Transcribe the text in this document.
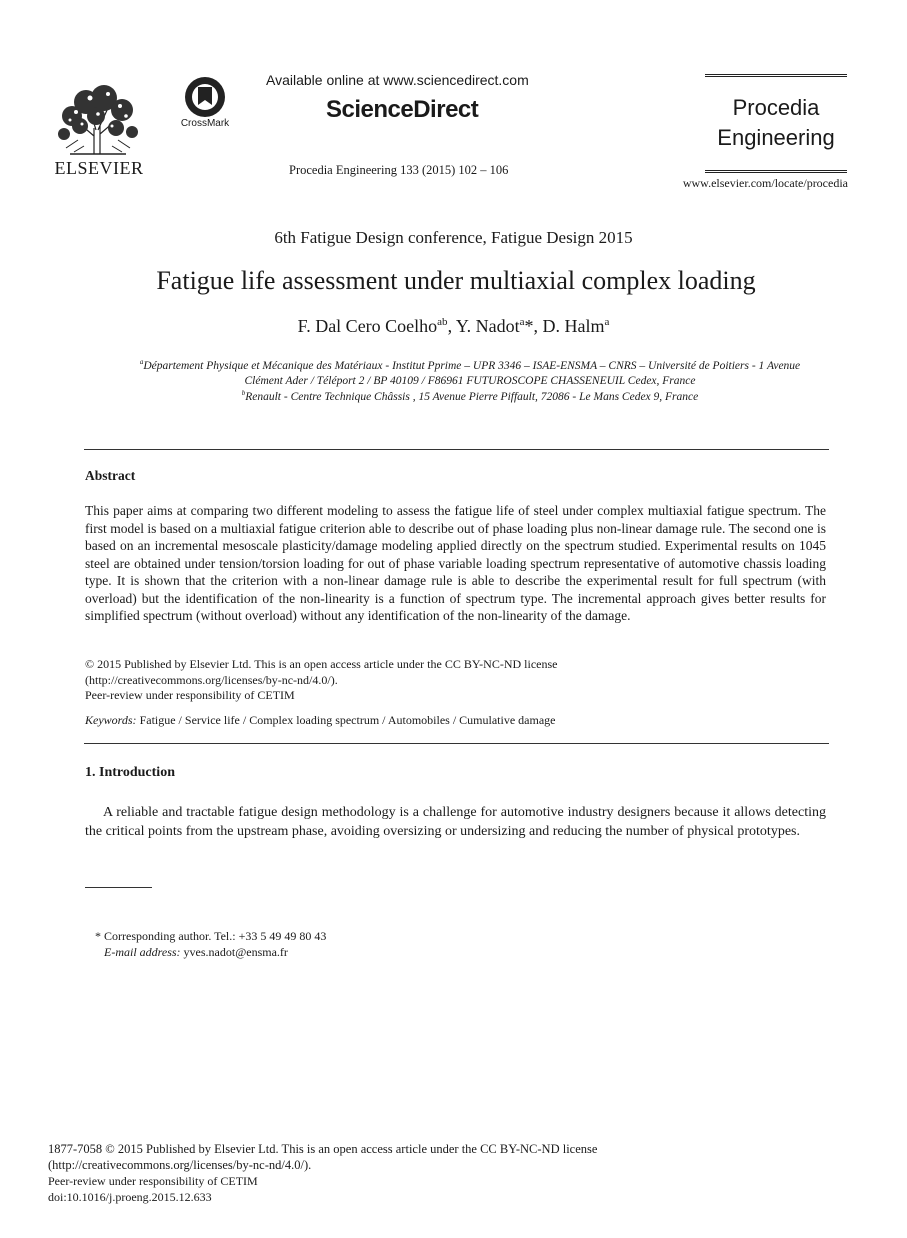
ELSEVIER
CrossMark
Available online at www.sciencedirect.com
ScienceDirect
Procedia Engineering 133 (2015) 102 – 106
Procedia
Engineering
www.elsevier.com/locate/procedia
6th Fatigue Design conference, Fatigue Design 2015
Fatigue life assessment under multiaxial complex loading
F. Dal Cero Coelho$^{ab}$, Y. Nadot$^a$*, D. Halm$^a$
$^a$Département Physique et Mécanique des Matériaux - Institut Pprime – UPR 3346 – ISAE-ENSMA – CNRS – Université de Poitiers - 1 Avenue
Clément Ader / Téléport 2 / BP 40109 / F86961 FUTUROSCOPE CHASSENEUIL Cedex, France
$^b$Renault - Centre Technique Châssis , 15 Avenue Pierre Piffault, 72086 - Le Mans Cedex 9, France
Abstract
This paper aims at comparing two different modeling to assess the fatigue life of steel under complex multiaxial fatigue spectrum. The first model is based on a multiaxial fatigue criterion able to describe out of phase loading plus non-linear damage rule. The second one is based on an incremental mesoscale plasticity/damage modeling applied directly on the spectrum studied. Experimental results on 1045 steel are obtained under tension/torsion loading for out of phase variable loading spectrum representative of automotive chassis loading type. It is shown that the criterion with a non-linear damage rule is able to describe the experimental result for full spectrum (with overload) but the identification of the non-linearity is a function of spectrum type. The incremental approach gives better results for simplified spectrum (without overload) without any identification of the non-linearity of the damage.
© 2015 Published by Elsevier Ltd. This is an open access article under the CC BY-NC-ND license
(http://creativecommons.org/licenses/by-nc-nd/4.0/).
Peer-review under responsibility of CETIM
Keywords: Fatigue / Service life / Complex loading spectrum / Automobiles / Cumulative damage
1. Introduction
A reliable and tractable fatigue design methodology is a challenge for automotive industry designers because it allows detecting the critical points from the upstream phase, avoiding oversizing or undersizing and reducing the number of physical prototypes.
* Corresponding author. Tel.: +33 5 49 49 80 43
E-mail address: yves.nadot@ensma.fr
1877-7058 © 2015 Published by Elsevier Ltd. This is an open access article under the CC BY-NC-ND license
(http://creativecommons.org/licenses/by-nc-nd/4.0/).
Peer-review under responsibility of CETIM
doi:10.1016/j.proeng.2015.12.633
